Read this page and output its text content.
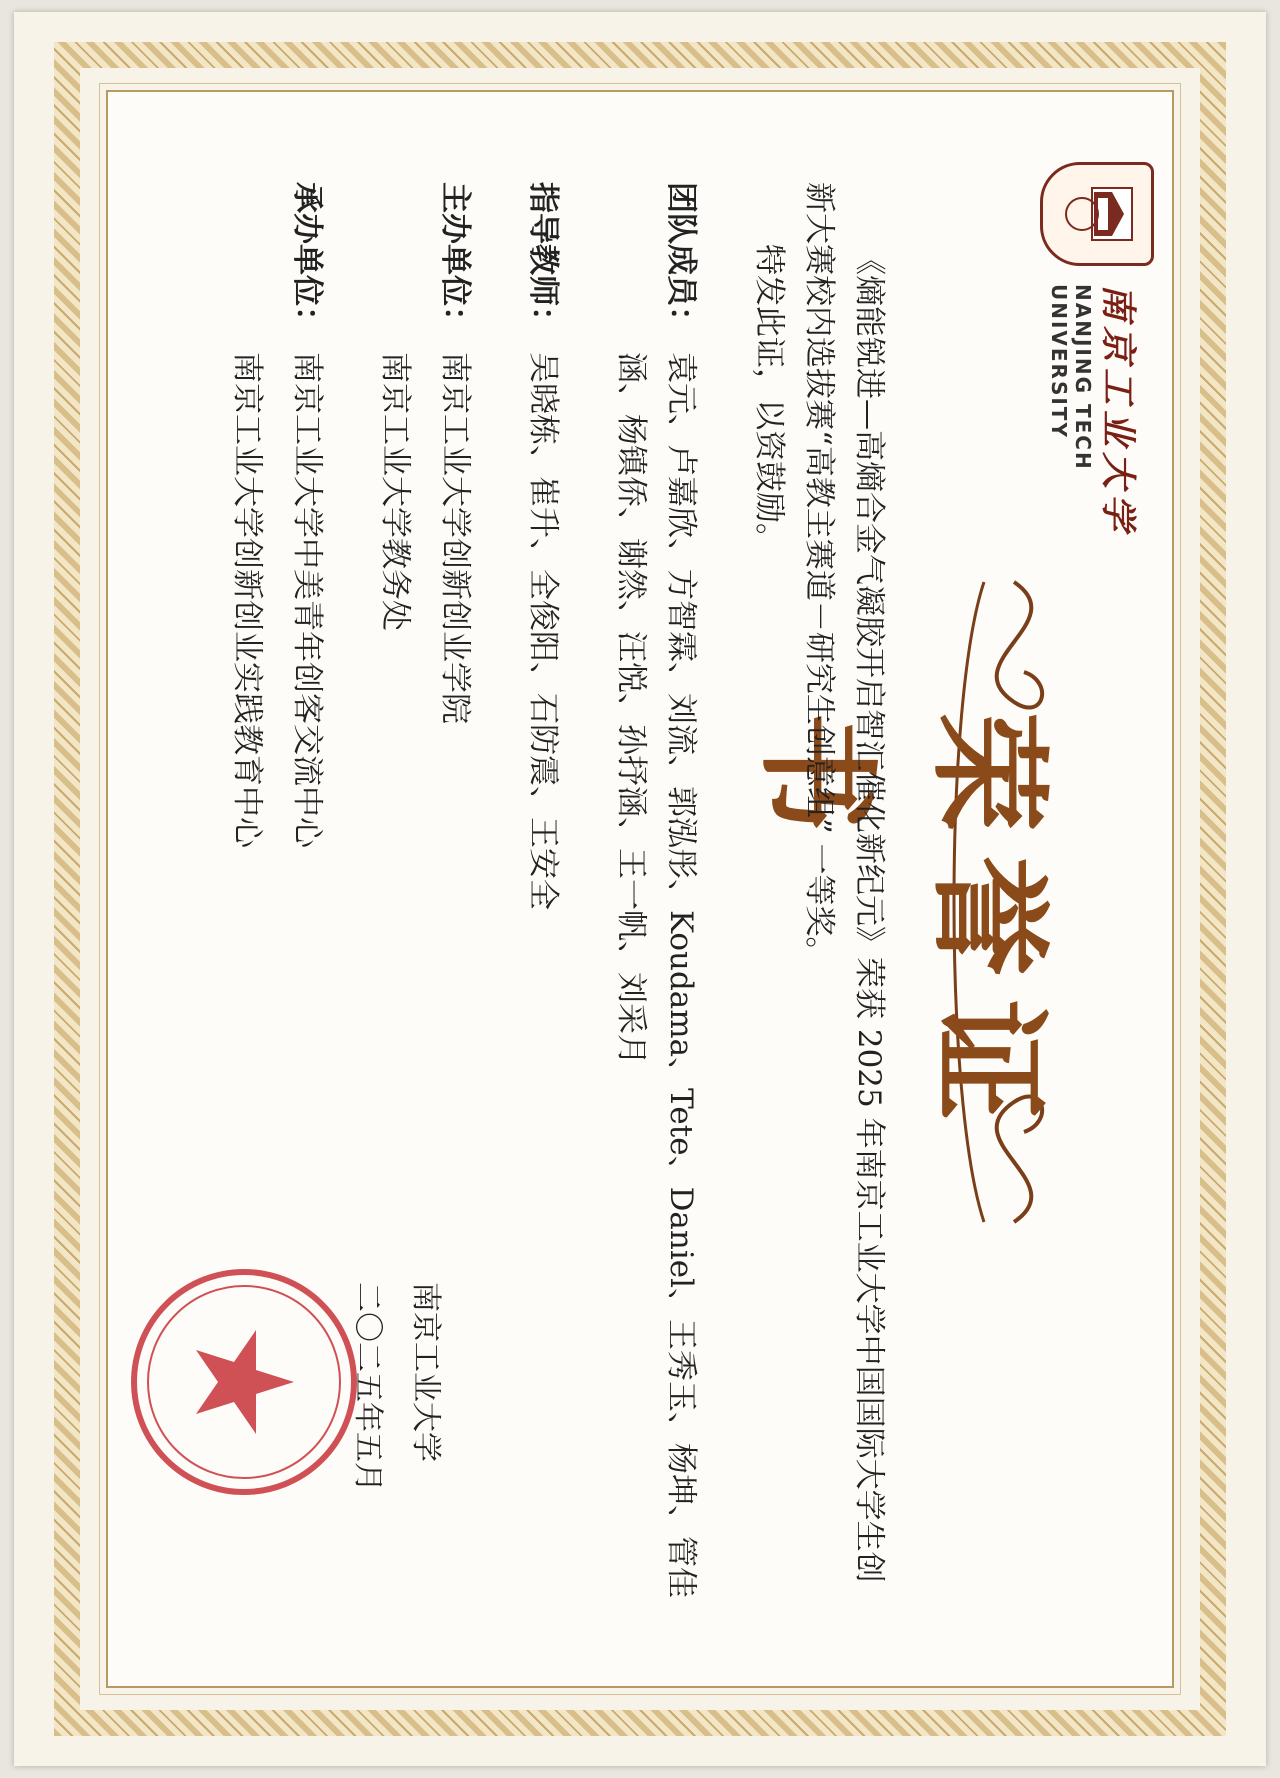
南京工业大学
NANJING TECH
UNIVERSITY
荣誉证书
《熵能锐进—高熵合金气凝胶开启智汇催化新纪元》荣获 2025 年南京工业大学中国国际大学生创新大赛校内选拔赛“高教主赛道－研究生创意组” 一等奖。
特发此证，以资鼓励。
团队成员：
袁元、卢嘉欣、方智霖、刘流、郭泓彤、Koudama、Tete、Daniel、王秀玉、杨坤、管佳涵、杨镇侨、谢然、汪悦、孙抒涵、王一帆、刘采月
指导教师：
吴晓栋、崔升、全俊阳、石防震、王安全
主办单位：
南京工业大学创新创业学院
南京工业大学教务处
承办单位：
南京工业大学中美青年创客交流中心
南京工业大学创新创业实践教育中心
南京工业大学
二〇二五年五月
